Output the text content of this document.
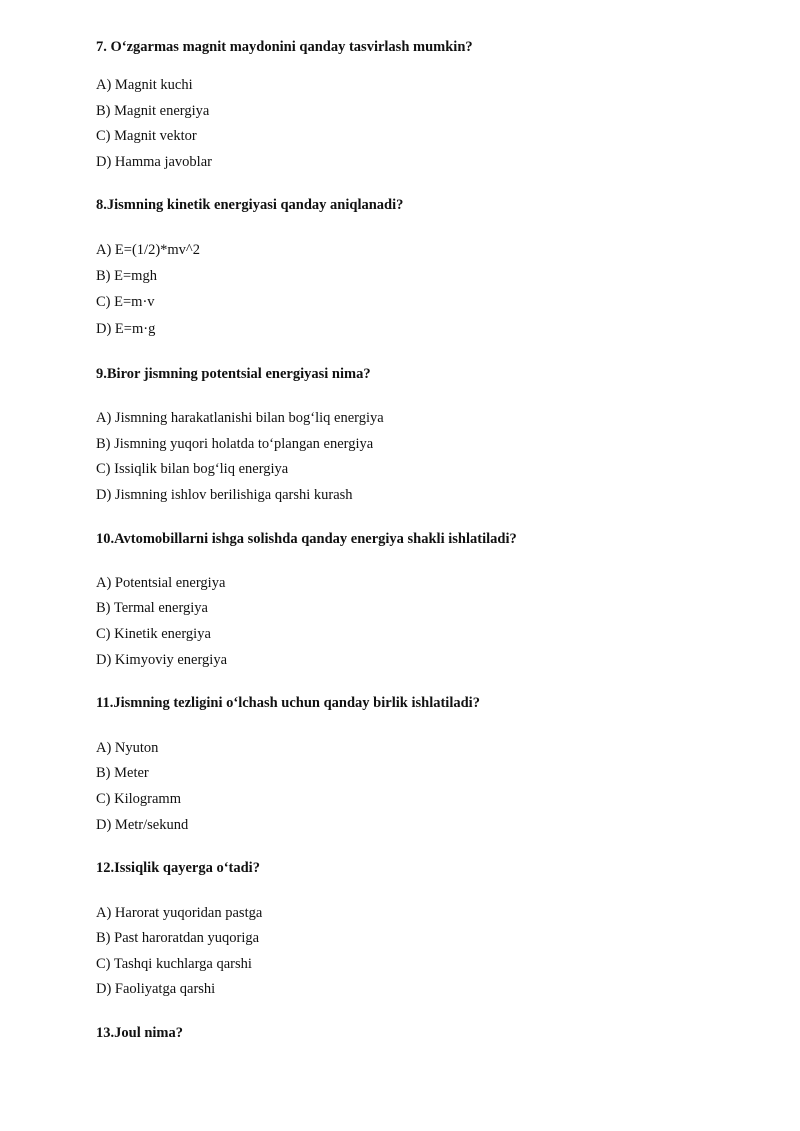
7. O‘zgarmas magnit maydonini qanday tasvirlash mumkin?
A) Magnit kuchi
B) Magnit energiya
C) Magnit vektor
D) Hamma javoblar
8.Jismning kinetik energiyasi qanday aniqlanadi?
A) E=(1/2)*mv^2
B) E=mgh
C) E=m·v
D) E=m·g
9.Biror jismning potentsial energiyasi nima?
A) Jismning harakatlanishi bilan bog‘liq energiya
B) Jismning yuqori holatda to‘plangan energiya
C) Issiqlik bilan bog‘liq energiya
D) Jismning ishlov berilishiga qarshi kurash
10.Avtomobillarni ishga solishda qanday energiya shakli ishlatiladi?
A) Potentsial energiya
B) Termal energiya
C) Kinetik energiya
D) Kimyoviy energiya
11.Jismning tezligini o‘lchash uchun qanday birlik ishlatiladi?
A) Nyuton
B) Meter
C) Kilogramm
D) Metr/sekund
12.Issiqlik qayerga o‘tadi?
A) Harorat yuqoridan pastga
B) Past haroratdan yuqoriga
C) Tashqi kuchlarga qarshi
D) Faoliyatga qarshi
13.Joul nima?
